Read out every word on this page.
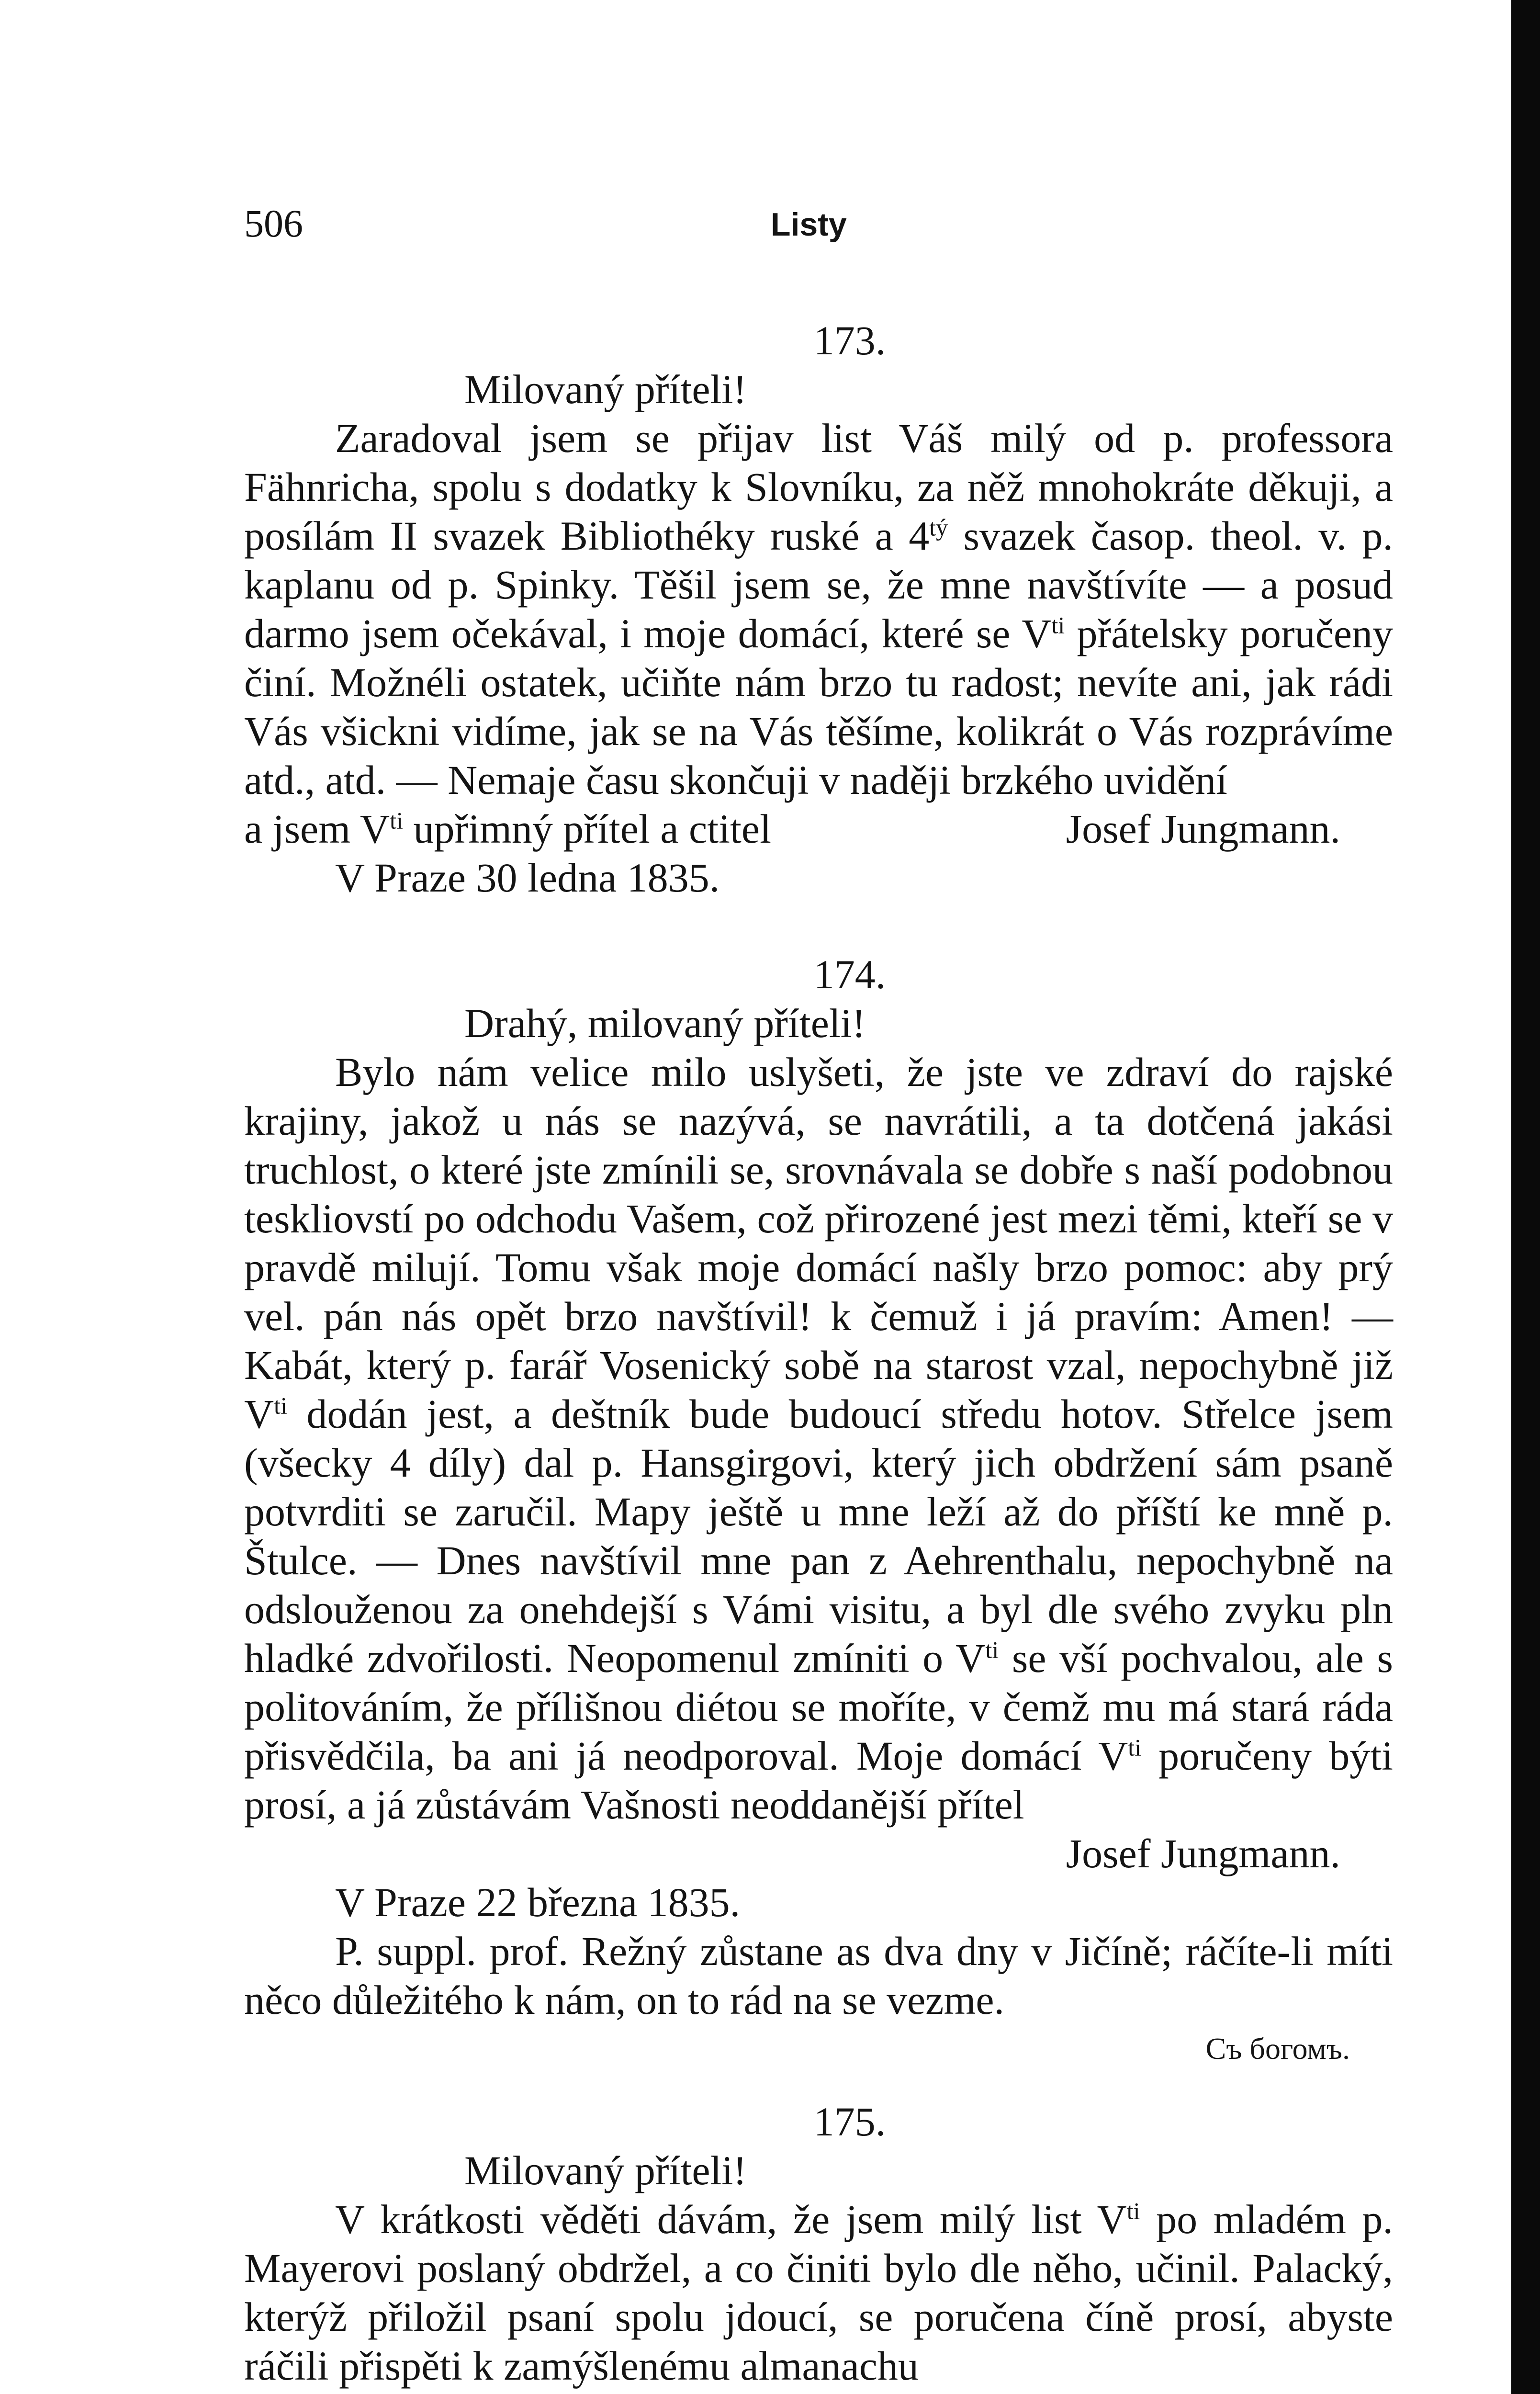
506	Listy

173.

Milovaný příteli!

Zaradoval jsem se přijav list Váš milý od p. professora Fähnricha, spolu s dodatky k Slovníku, za něž mnohokráte děkuji, a posílám II svazek Bibliothéky ruské a $4^{tý}$ svazek časop. theol. v. p. kaplanu od p. Spinky. Těšil jsem se, že mne navštívíte — a posud darmo jsem očekával, i moje domácí, které se $V^{ti}$ přátelsky poručeny činí. Možnéli ostatek, učiňte nám brzo tu radost; nevíte ani, jak rádi Vás všickni vidíme, jak se na Vás těšíme, kolikrát o Vás rozprávíme atd., atd. — Nemaje času skončuji v naději brzkého uvidění

a jsem $V^{ti}$ upřimný přítel a ctitel	Josef Jungmann.

V Praze 30 ledna 1835.

174.

Drahý, milovaný příteli!

Bylo nám velice milo uslyšeti, že jste ve zdraví do rajské krajiny, jakož u nás se nazývá, se navrátili, a ta dotčená jakási truchlost, o které jste zmínili se, srovnávala se dobře s naší podobnou teskliovstí po odchodu Vašem, což přirozené jest mezi těmi, kteří se v pravdě milují. Tomu však moje domácí našly brzo pomoc: aby prý vel. pán nás opět brzo navštívil! k čemuž i já pravím: Amen! — Kabát, který p. farář Vosenický sobě na starost vzal, nepochybně již $V^{ti}$ dodán jest, a deštník bude budoucí středu hotov. Střelce jsem (všecky 4 díly) dal p. Hansgirgovi, který jich obdržení sám psaně potvrditi se zaručil. Mapy ještě u mne leží až do příští ke mně p. Štulce. — Dnes navštívil mne pan z Aehrenthalu, nepochybně na odslouženou za onehdejší s Vámi visitu, a byl dle svého zvyku pln hladké zdvořilosti. Neopomenul zmíniti o $V^{ti}$ se vší pochvalou, ale s politováním, že přílišnou diétou se moříte, v čemž mu má stará ráda přisvědčila, ba ani já neodporoval. Moje domácí $V^{ti}$ poručeny býti prosí, a já zůstávám Vašnosti neoddanější přítel

Josef Jungmann.

V Praze 22 března 1835.

P. suppl. prof. Režný zůstane as dva dny v Jičíně; ráčíte-li míti něco důležitého k nám, on to rád na se vezme.

Съ богомъ.

175.

Milovaný příteli!

V krátkosti věděti dávám, že jsem milý list $V^{ti}$ po mladém p. Mayerovi poslaný obdržel, a co činiti bylo dle něho, učinil. Palacký, kterýž přiložil psaní spolu jdoucí, se poručena číně prosí, abyste ráčili přispěti k zamýšlenému almanachu
